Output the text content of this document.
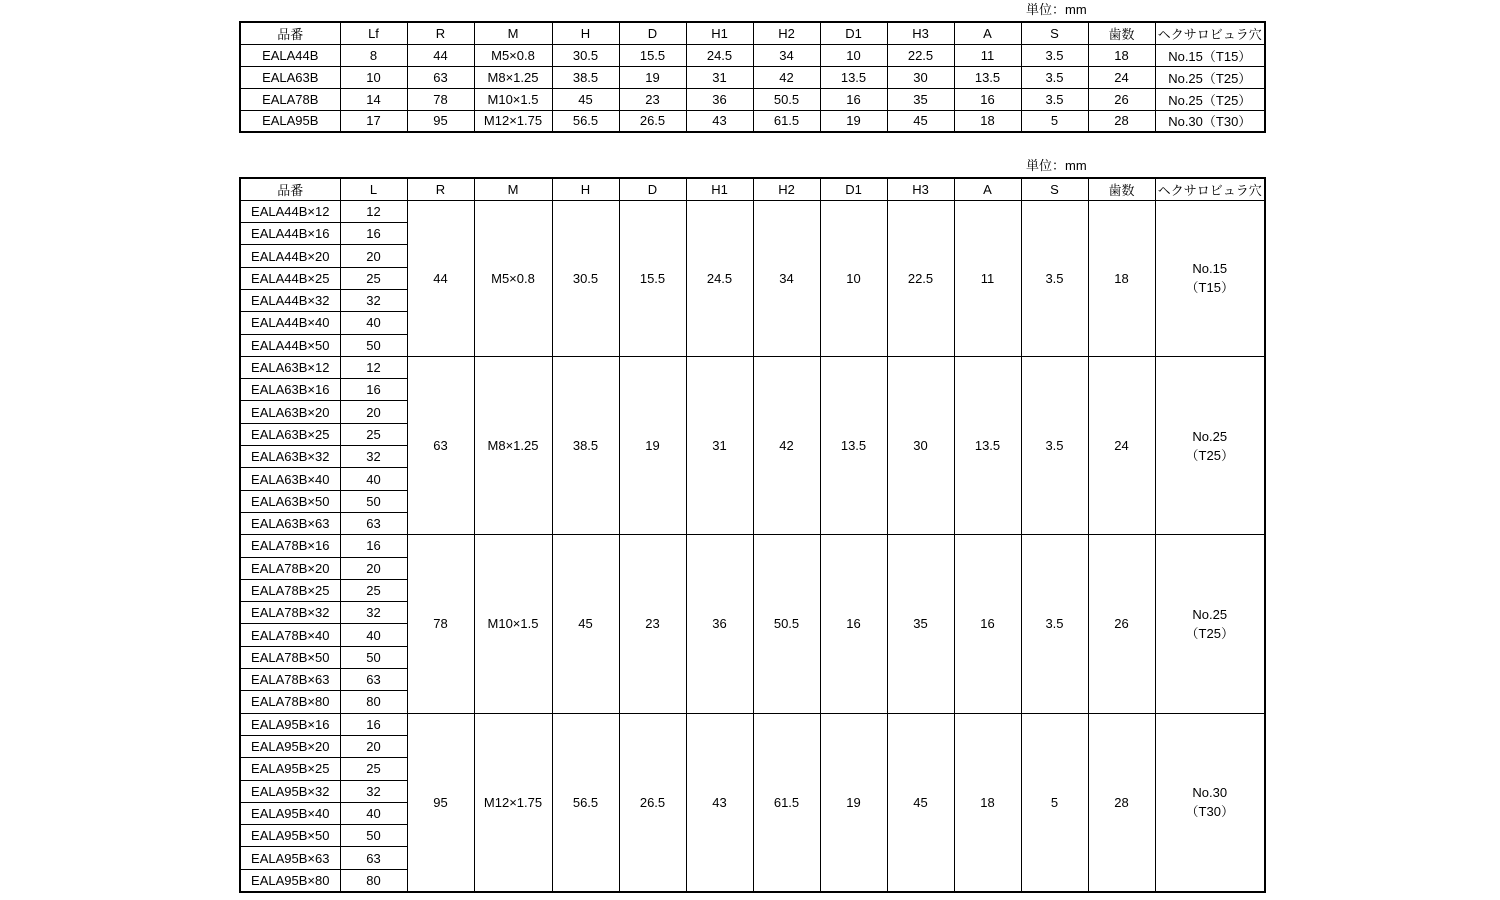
単位：mm
品番	Lf	R	M	H	D	H1	H2	D1	H3	A	S	歯数	ヘクサロビュラ穴
EALA44B	8	44	M5×0.8	30.5	15.5	24.5	34	10	22.5	11	3.5	18	No.15（T15）
EALA63B	10	63	M8×1.25	38.5	19	31	42	13.5	30	13.5	3.5	24	No.25（T25）
EALA78B	14	78	M10×1.5	45	23	36	50.5	16	35	16	3.5	26	No.25（T25）
EALA95B	17	95	M12×1.75	56.5	26.5	43	61.5	19	45	18	5	28	No.30（T30）
単位：mm
品番	L	R	M	H	D	H1	H2	D1	H3	A	S	歯数	ヘクサロビュラ穴
EALA44B×12	12	44	M5×0.8	30.5	15.5	24.5	34	10	22.5	11	3.5	18	No.15
（T15）

EALA44B×16	16												
EALA44B×20	20												
EALA44B×25	25												
EALA44B×32	32												
EALA44B×40	40												
EALA44B×50	50												
EALA63B×12	12	63	M8×1.25	38.5	19	31	42	13.5	30	13.5	3.5	24	No.25
（T25）

EALA63B×16	16												
EALA63B×20	20												
EALA63B×25	25												
EALA63B×32	32												
EALA63B×40	40												
EALA63B×50	50												
EALA63B×63	63												
EALA78B×16	16	78	M10×1.5	45	23	36	50.5	16	35	16	3.5	26	No.25
（T25）

EALA78B×20	20												
EALA78B×25	25												
EALA78B×32	32												
EALA78B×40	40												
EALA78B×50	50												
EALA78B×63	63												
EALA78B×80	80												
EALA95B×16	16	95	M12×1.75	56.5	26.5	43	61.5	19	45	18	5	28	No.30
（T30）

EALA95B×20	20												
EALA95B×25	25												
EALA95B×32	32												
EALA95B×40	40												
EALA95B×50	50												
EALA95B×63	63												
EALA95B×80	80												
